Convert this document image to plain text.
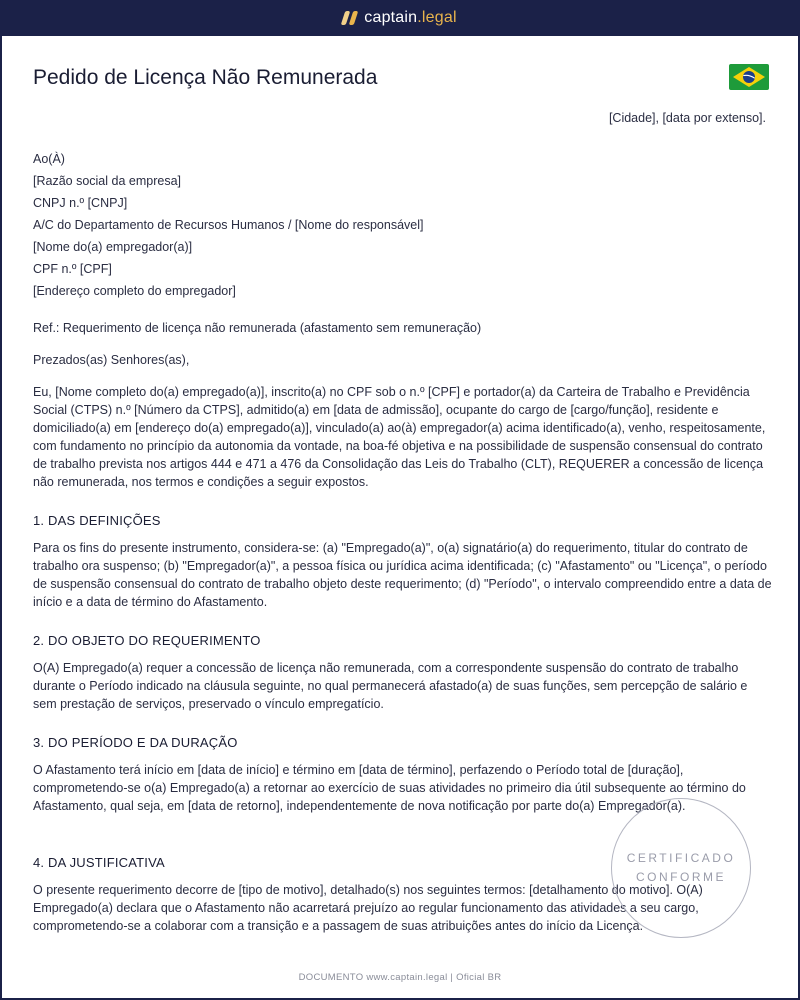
captain.legal
Pedido de Licença Não Remunerada
[Cidade], [data por extenso].
Ao(À)
[Razão social da empresa]
CNPJ n.º [CNPJ]
A/C do Departamento de Recursos Humanos / [Nome do responsável]
[Nome do(a) empregador(a)]
CPF n.º [CPF]
[Endereço completo do empregador]
Ref.: Requerimento de licença não remunerada (afastamento sem remuneração)
Prezados(as) Senhores(as),
Eu, [Nome completo do(a) empregado(a)], inscrito(a) no CPF sob o n.º [CPF] e portador(a) da Carteira de Trabalho e Previdência Social (CTPS) n.º [Número da CTPS], admitido(a) em [data de admissão], ocupante do cargo de [cargo/função], residente e domiciliado(a) em [endereço do(a) empregado(a)], vinculado(a) ao(à) empregador(a) acima identificado(a), venho, respeitosamente, com fundamento no princípio da autonomia da vontade, na boa-fé objetiva e na possibilidade de suspensão consensual do contrato de trabalho prevista nos artigos 444 e 471 a 476 da Consolidação das Leis do Trabalho (CLT), REQUERER a concessão de licença não remunerada, nos termos e condições a seguir expostos.
1. DAS DEFINIÇÕES
Para os fins do presente instrumento, considera-se: (a) "Empregado(a)", o(a) signatário(a) do requerimento, titular do contrato de trabalho ora suspenso; (b) "Empregador(a)", a pessoa física ou jurídica acima identificada; (c) "Afastamento" ou "Licença", o período de suspensão consensual do contrato de trabalho objeto deste requerimento; (d) "Período", o intervalo compreendido entre a data de início e a data de término do Afastamento.
2. DO OBJETO DO REQUERIMENTO
O(A) Empregado(a) requer a concessão de licença não remunerada, com a correspondente suspensão do contrato de trabalho durante o Período indicado na cláusula seguinte, no qual permanecerá afastado(a) de suas funções, sem percepção de salário e sem prestação de serviços, preservado o vínculo empregatício.
3. DO PERÍODO E DA DURAÇÃO
O Afastamento terá início em [data de início] e término em [data de término], perfazendo o Período total de [duração], comprometendo-se o(a) Empregado(a) a retornar ao exercício de suas atividades no primeiro dia útil subsequente ao término do Afastamento, qual seja, em [data de retorno], independentemente de nova notificação por parte do(a) Empregador(a).
4. DA JUSTIFICATIVA
O presente requerimento decorre de [tipo de motivo], detalhado(s) nos seguintes termos: [detalhamento do motivo]. O(A) Empregado(a) declara que o Afastamento não acarretará prejuízo ao regular funcionamento das atividades a seu cargo, comprometendo-se a colaborar com a transição e a passagem de suas atribuições antes do início da Licença.
CERTIFICADO
CONFORME
DOCUMENTO www.captain.legal | Oficial BR
